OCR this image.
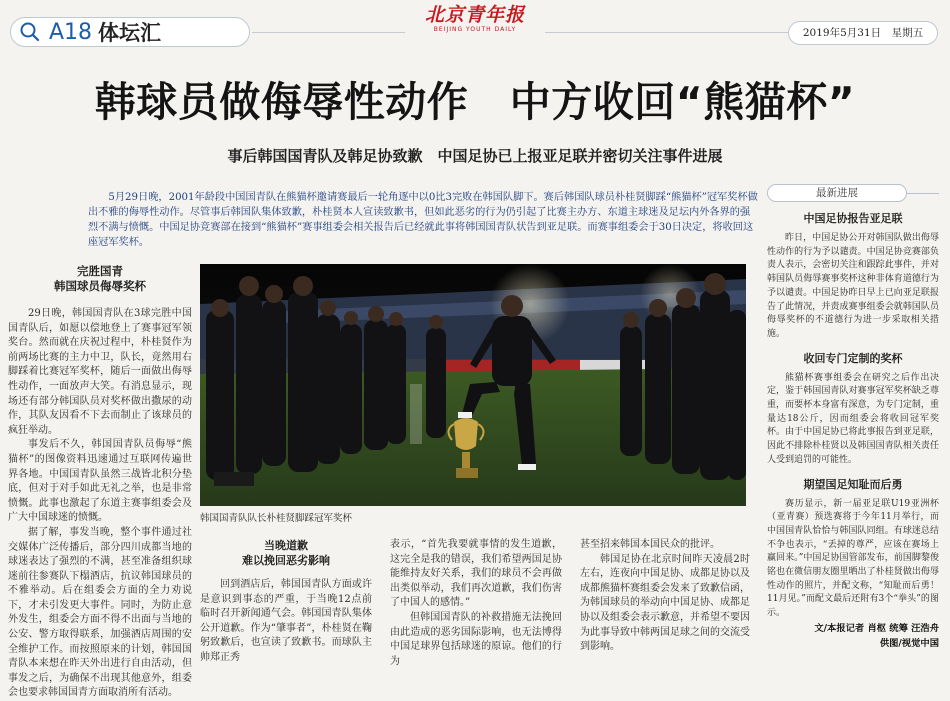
A18 体坛汇
北京青年报
BEIJING YOUTH DAILY	2019年5月31日　星期五
韩球员做侮辱性动作　中方收回“熊猫杯”
事后韩国国青队及韩足协致歉　中国足协已上报亚足联并密切关注事件进展
5月29日晚，2001年龄段中国国青队在熊猫杯邀请赛最后一轮角逐中以0比3完败在韩国队脚下。赛后韩国队球员朴桂贤脚踩“熊猫杯”冠军奖杯做出不雅的侮辱性动作。尽管事后韩国队集体致歉，朴桂贤本人宣读致歉书，但如此恶劣的行为仍引起了比赛主办方、东道主球迷及足坛内外各界的强烈不满与愤慨。中国足协竞赛部在接到“熊猫杯”赛事组委会相关报告后已经就此事将韩国国青队状告到亚足联。而赛事组委会于30日决定，将收回这座冠军奖杯。
完胜国青
韩国球员侮辱奖杯

29日晚，韩国国青队在3球完胜中国国青队后，如愿以偿地登上了赛事冠军领奖台。然而就在庆祝过程中，朴桂贤作为前两场比赛的主力中卫，队长，竟然用右脚踩着比赛冠军奖杯，随后一面做出侮辱性动作，一面放声大笑。有消息显示，现场还有部分韩国队员对奖杯做出撒尿的动作，其队友因看不下去而制止了该球员的疯狂举动。

事发后不久，韩国国青队员侮辱“熊猫杯”的图像资料迅速通过互联网传遍世界各地。中国国青队虽然三战皆北积分垫底，但对于对手如此无礼之举，也是非常愤慨。此事也激起了东道主赛事组委会及广大中国球迷的愤慨。

据了解，事发当晚，整个事件通过社交媒体广泛传播后，部分四川成都当地的球迷表达了强烈的不满，甚至准备组织球迷前往参赛队下榻酒店，抗议韩国球员的不雅举动。后在组委会方面的全力劝说下，才未引发更大事件。同时，为防止意外发生，组委会方面不得不出面与当地的公安、警方取得联系，加强酒店周围的安全维护工作。而按照原来的计划，韩国国青队本来想在昨天外出进行自由活动，但事发之后，为确保不出现其他意外，组委会也要求韩国国青方面取消所有活动。

韩国国青队队长朴桂贤脚踩冠军奖杯
当晚道歉
难以挽回恶劣影响

回到酒店后，韩国国青队方面或许是意识到事态的严重，于当晚12点前临时召开新闻通气会。韩国国青队集体公开道歉。作为“肇事者”，朴桂贤在鞠躬致歉后，也宣读了致歉书。而球队主帅郑正秀

表示，“首先我要就事情的发生道歉，这完全是我的错误，我们希望两国足协能维持友好关系，我们的球员不会再做出类似举动，我们再次道歉，我们伤害了中国人的感情。”

但韩国国青队的补救措施无法挽回由此造成的恶劣国际影响，也无法博得中国足球界包括球迷的原谅。他们的行为

甚至招来韩国本国民众的批评。

韩国足协在北京时间昨天凌晨2时左右，连夜向中国足协、成都足协以及成都熊猫杯赛组委会发来了致歉信函，为韩国球员的举动向中国足协、成都足协以及组委会表示歉意，并希望不要因为此事导致中韩两国足球之间的交流受到影响。

最新进展
中国足协报告亚足联
昨日，中国足协公开对韩国队做出侮辱性动作的行为予以谴责。中国足协竞赛部负责人表示，会密切关注和跟踪此事件，并对韩国队员侮辱赛事奖杯这种非体育道德行为予以谴责。中国足协昨日早上已向亚足联报告了此情况，并责成赛事组委会就韩国队员侮辱奖杯的不道德行为进一步采取相关措施。
收回专门定制的奖杯
熊猫杯赛事组委会在研究之后作出决定，鉴于韩国国青队对赛事冠军奖杯缺乏尊重，而要杯本身富有深意，为专门定制，重量达18公斤，因而组委会将收回冠军奖杯。由于中国足协已将此事报告到亚足联，因此不排除朴桂贤以及韩国国青队相关责任人受到追罚的可能性。
期望国足知耻而后勇
赛历显示，新一届亚足联U19亚洲杯（亚青赛）预选赛将于今年11月举行，而中国国青队恰恰与韩国队同组。有球迷总结不争也表示，“丢掉的尊严，应该在赛场上赢回来。”中国足协国管部发布，前国脚黎俊铭也在微信朋友圈里晒出了朴桂贤做出侮辱性动作的照片，并配文称，“知耻而后勇！11月见。”而配文最后还附有3个“拳头”的图示。
文/本报记者 肖枢 统筹 汪浩舟
供图/视觉中国
